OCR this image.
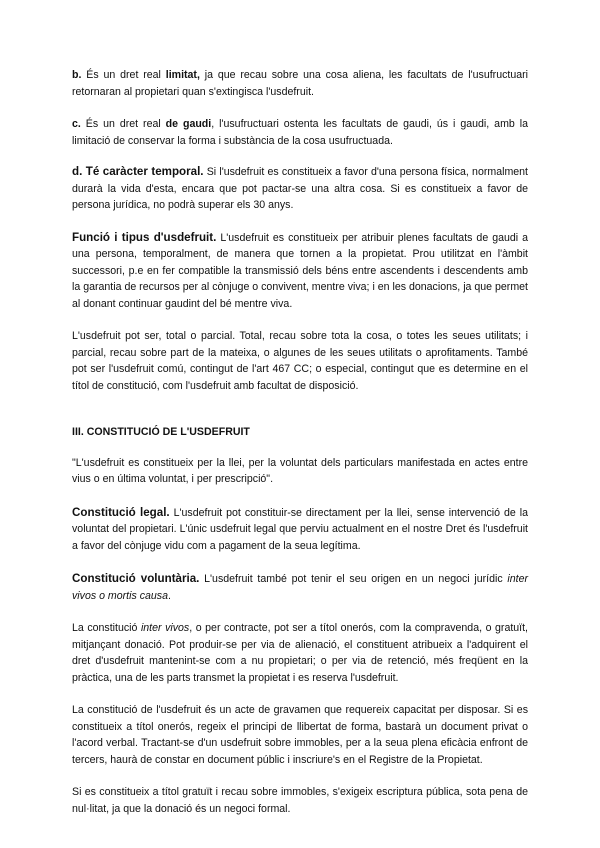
b. És un dret real limitat, ja que recau sobre una cosa aliena, les facultats de l'usufructuari retornaran al propietari quan s'extingisca l'usdefruit.

c. És un dret real de gaudi, l'usufructuari ostenta les facultats de gaudi, ús i gaudi, amb la limitació de conservar la forma i substància de la cosa usufructuada.

d. Té caràcter temporal. Si l'usdefruit es constitueix a favor d'una persona física, normalment durarà la vida d'esta, encara que pot pactar-se una altra cosa. Si es constitueix a favor de persona jurídica, no podrà superar els 30 anys.

Funció i tipus d'usdefruit. L'usdefruit es constitueix per atribuir plenes facultats de gaudi a una persona, temporalment, de manera que tornen a la propietat. Prou utilitzat en l'àmbit successori, p.e en fer compatible la transmissió dels béns entre ascendents i descendents amb la garantia de recursos per al cònjuge o convivent, mentre viva; i en les donacions, ja que permet al donant continuar gaudint del bé mentre viva.

L'usdefruit pot ser, total o parcial. Total, recau sobre tota la cosa, o totes les seues utilitats; i parcial, recau sobre part de la mateixa, o algunes de les seues utilitats o aprofitaments. També pot ser l'usdefruit comú, contingut de l'art 467 CC; o especial, contingut que es determine en el títol de constitució, com l'usdefruit amb facultat de disposició.

III. CONSTITUCIÓ DE L'USDEFRUIT

"L'usdefruit es constitueix per la llei, per la voluntat dels particulars manifestada en actes entre vius o en última voluntat, i per prescripció".

Constitució legal. L'usdefruit pot constituir-se directament per la llei, sense intervenció de la voluntat del propietari. L'únic usdefruit legal que perviu actualment en el nostre Dret és l'usdefruit a favor del cònjuge vidu com a pagament de la seua legítima.

Constitució voluntària. L'usdefruit també pot tenir el seu origen en un negoci jurídic inter vivos o mortis causa.

La constitució inter vivos, o per contracte, pot ser a títol onerós, com la compravenda, o gratuït, mitjançant donació. Pot produir-se per via de alienació, el constituent atribueix a l'adquirent el dret d'usdefruit mantenint-se com a nu propietari; o per via de retenció, més freqüent en la pràctica, una de les parts transmet la propietat i es reserva l'usdefruit.

La constitució de l'usdefruit és un acte de gravamen que requereix capacitat per disposar. Si es constitueix a títol onerós, regeix el principi de llibertat de forma, bastarà un document privat o l'acord verbal. Tractant-se d'un usdefruit sobre immobles, per a la seua plena eficàcia enfront de tercers, haurà de constar en document públic i inscriure's en el Registre de la Propietat.

Si es constitueix a títol gratuït i recau sobre immobles, s'exigeix escriptura pública, sota pena de nul·litat, ja que la donació és un negoci formal.
